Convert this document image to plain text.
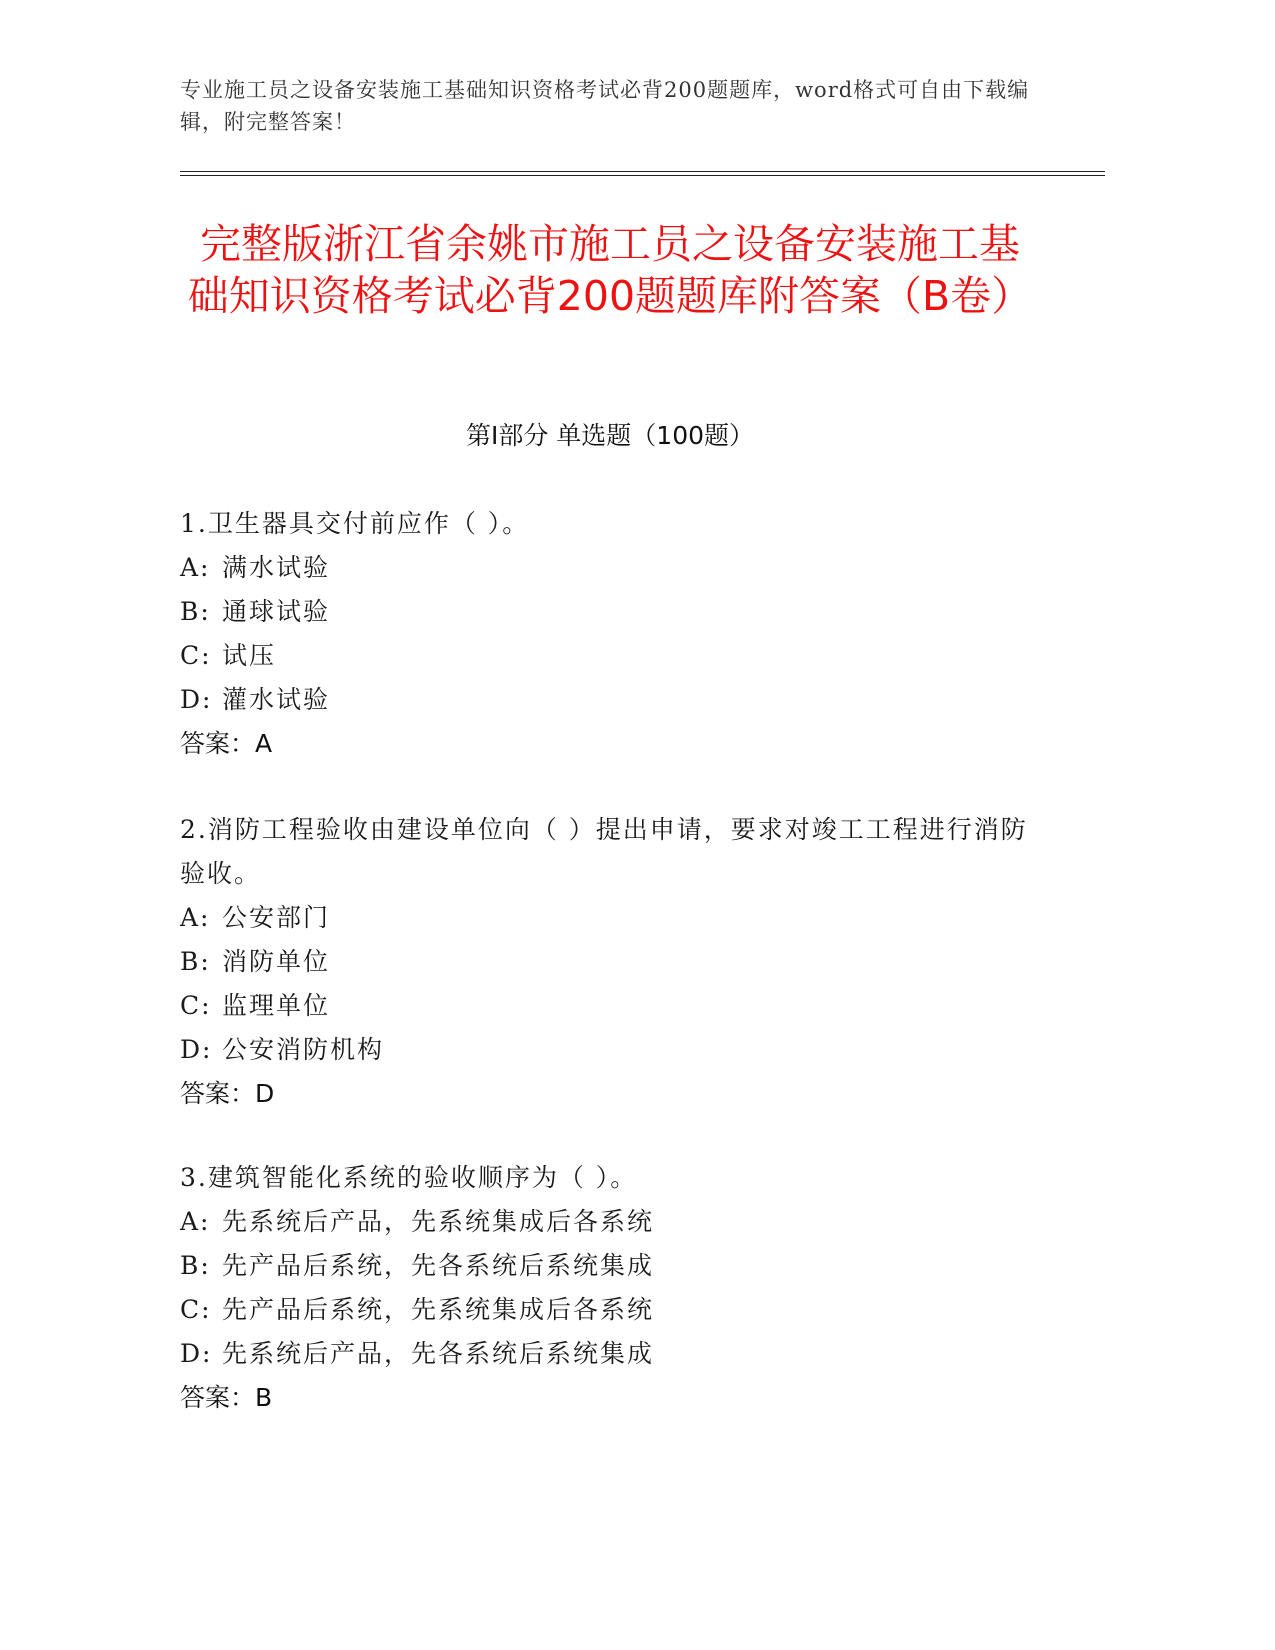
专业施工员之设备安装施工基础知识资格考试必背200题题库，word格式可自由下载编辑，附完整答案！
完整版浙江省余姚市施工员之设备安装施工基础知识资格考试必背200题题库附答案（B卷）
第I部分 单选题（100题）
1.卫生器具交付前应作（ ）。
A: 满水试验
B: 通球试验
C: 试压
D: 灌水试验
答案：A
2.消防工程验收由建设单位向（ ）提出申请，要求对竣工工程进行消防验收。
A: 公安部门
B: 消防单位
C: 监理单位
D: 公安消防机构
答案：D
3.建筑智能化系统的验收顺序为（ ）。
A: 先系统后产品，先系统集成后各系统
B: 先产品后系统，先各系统后系统集成
C: 先产品后系统，先系统集成后各系统
D: 先系统后产品，先各系统后系统集成
答案：B
